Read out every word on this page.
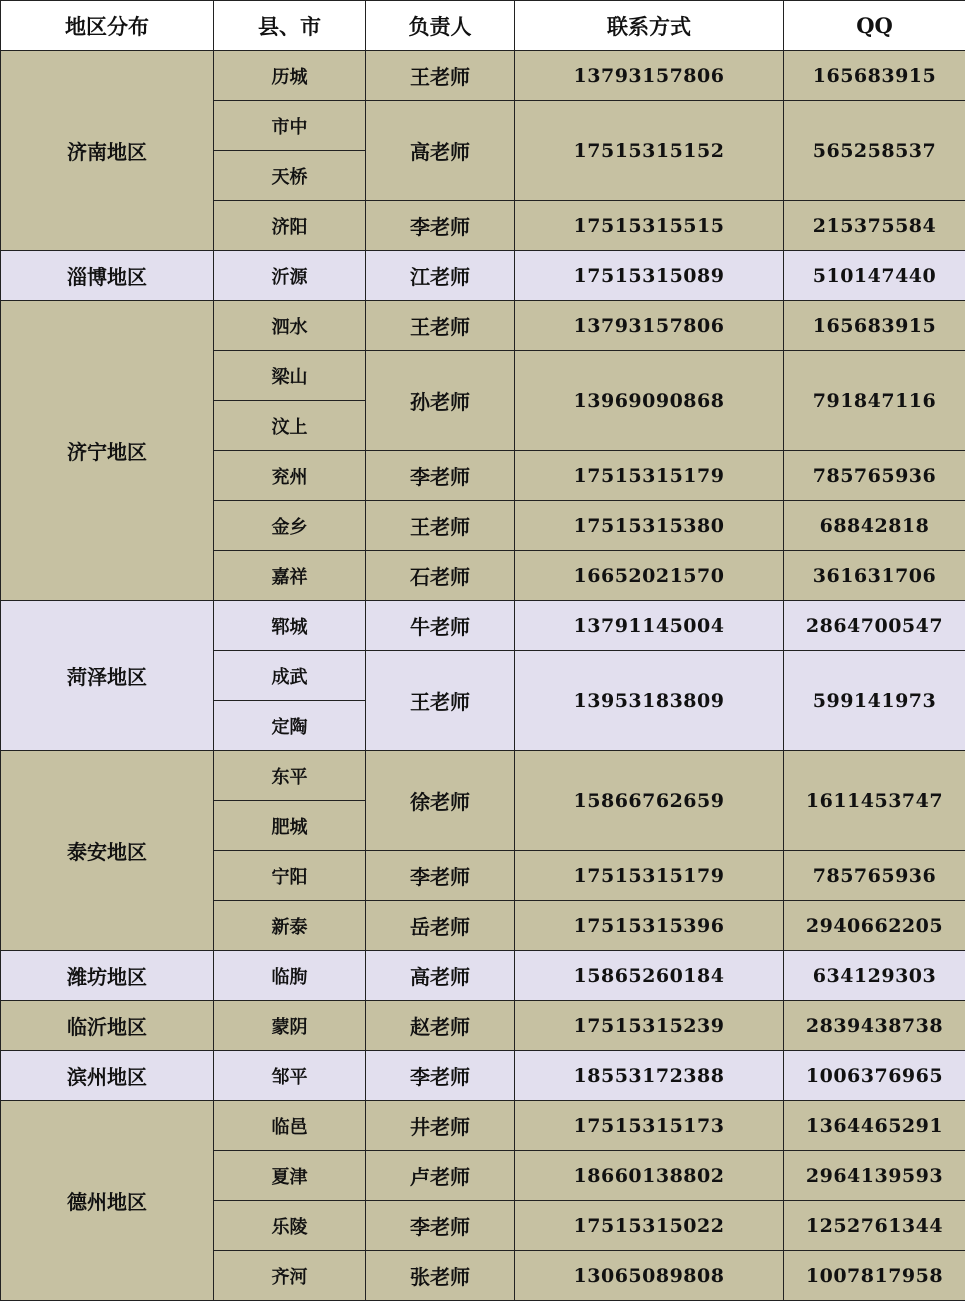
地区分布	县、市	负责人	联系方式	QQ
济南地区	历城	王老师	13793157806	165683915
	市中	高老师	17515315152	565258537
	天桥			
	济阳	李老师	17515315515	215375584
淄博地区	沂源	江老师	17515315089	510147440
济宁地区	泗水	王老师	13793157806	165683915
	梁山	孙老师	13969090868	791847116
	汶上			
	兖州	李老师	17515315179	785765936
	金乡	王老师	17515315380	68842818
	嘉祥	石老师	16652021570	361631706
菏泽地区	郓城	牛老师	13791145004	2864700547
	成武	王老师	13953183809	599141973
	定陶			
泰安地区	东平	徐老师	15866762659	1611453747
	肥城			
	宁阳	李老师	17515315179	785765936
	新泰	岳老师	17515315396	2940662205
潍坊地区	临朐	高老师	15865260184	634129303
临沂地区	蒙阴	赵老师	17515315239	2839438738
滨州地区	邹平	李老师	18553172388	1006376965
德州地区	临邑	井老师	17515315173	1364465291
	夏津	卢老师	18660138802	2964139593
	乐陵	李老师	17515315022	1252761344
	齐河	张老师	13065089808	1007817958
